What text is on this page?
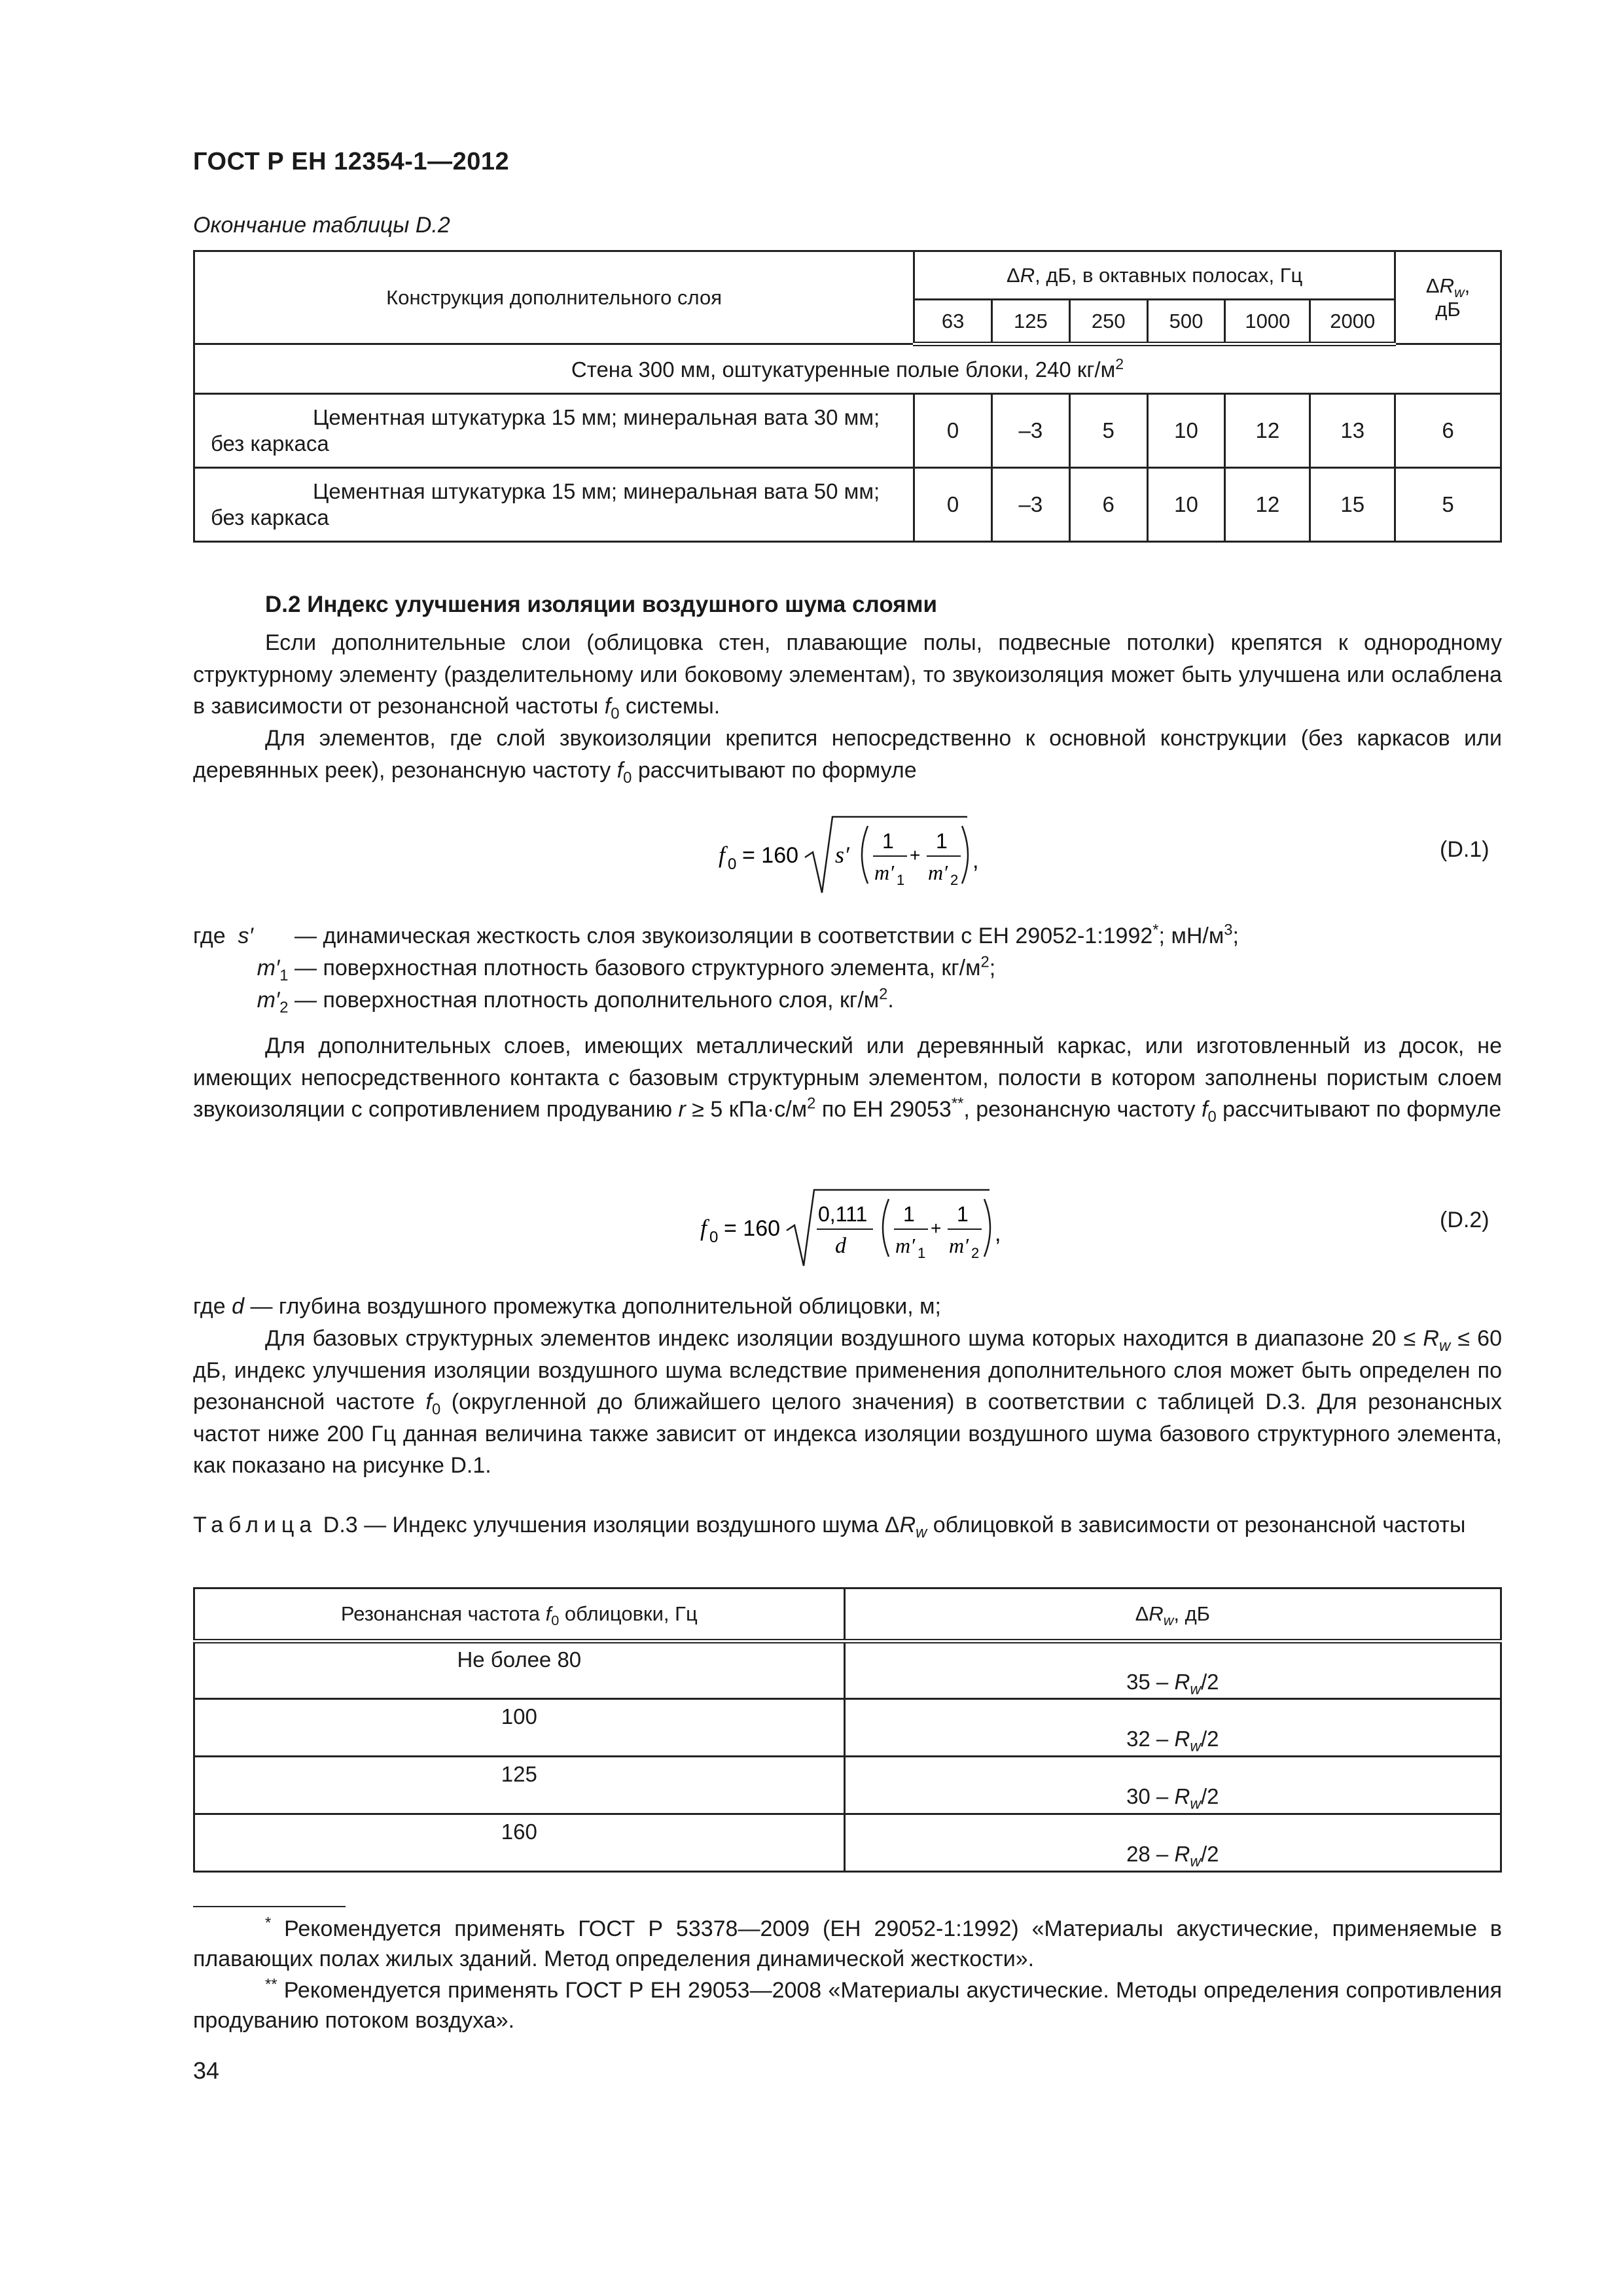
ГОСТ Р ЕН 12354-1—2012
Окончание таблицы D.2
Конструкция дополнительного слоя	ΔR, дБ, в октавных полосах, Гц						$\Delta R_w$,
дБ
	63	125	250	500	1000	2000	
Стена 300 мм, оштукатуренные полые блоки, 240 $кг/м^2$

Цементная штукатурка 15 мм; минеральная вата 30 мм;
без каркаса	0	–3	5	10	12	13	6

Цементная штукатурка 15 мм; минеральная вата 50 мм;
без каркаса	0	–3	6	10	12	15	5
D.2 Индекс улучшения изоляции воздушного шума слоями
Если дополнительные слои (облицовка стен, плавающие полы, подвесные потолки) крепятся к однородному структурному элементу (разделительному или боковому элементам), то звукоизоляция может быть улучшена или ослаблена в зависимости от резонансной частоты $f_0$ системы.
Для элементов, где слой звукоизоляции крепится непосредственно к основной конструкции (без каркасов или деревянных реек), резонансную частоту $f_0$ рассчитывают по формуле
f 0 = 160 s′
1
m′ 1
+
1
m′ 2
,	(D.1)
где  s′ — динамическая жесткость слоя звукоизоляции в соответствии с ЕН 29052-1:1992*; $мН/м^3$;
$m'_1$ — поверхностная плотность базового структурного элемента, $кг/м^2$;
$m'_2$ — поверхностная плотность дополнительного слоя, $кг/м^2$.
Для дополнительных слоев, имеющих металлический или деревянный каркас, или изготовленный из досок, не имеющих непосредственного контакта с базовым структурным элементом, полости в котором заполнены пористым слоем звукоизоляции с сопротивлением продуванию r ≥ 5 $кПа\cdot с/м^2$ по ЕН 29053**, резонансную частоту $f_0$ рассчитывают по формуле
f 0 = 160
0,111
d
1
m′ 1
+
1
m′ 2
,
(D.2)
где d — глубина воздушного промежутка дополнительной облицовки, м;
Для базовых структурных элементов индекс изоляции воздушного шума которых находится в диапазоне $20 \le R_w \le 60$ дБ, индекс улучшения изоляции воздушного шума вследствие применения дополнительного слоя может быть определен по резонансной частоте $f_0$ (округленной до ближайшего целого значения) в соответствии с таблицей D.3. Для резонансных частот ниже 200 Гц данная величина также зависит от индекса изоляции воздушного шума базового структурного элемента, как показано на рисунке D.1.
Таблица D.3 — Индекс улучшения изоляции воздушного шума $\Delta R_w$ облицовкой в зависимости от резонансной частоты
Резонансная частота $f_0$ облицовки, Гц	$\Delta R_w$, дБ
Не более 80	$35 - R_w/2$
100	$32 - R_w/2$
125	$30 - R_w/2$
160	$28 - R_w/2$
* Рекомендуется применять ГОСТ Р 53378—2009 (ЕН 29052-1:1992) «Материалы акустические, применяемые в плавающих полах жилых зданий. Метод определения динамической жесткости».
** Рекомендуется применять ГОСТ Р ЕН 29053—2008 «Материалы акустические. Методы определения сопротивления продуванию потоком воздуха».
34
